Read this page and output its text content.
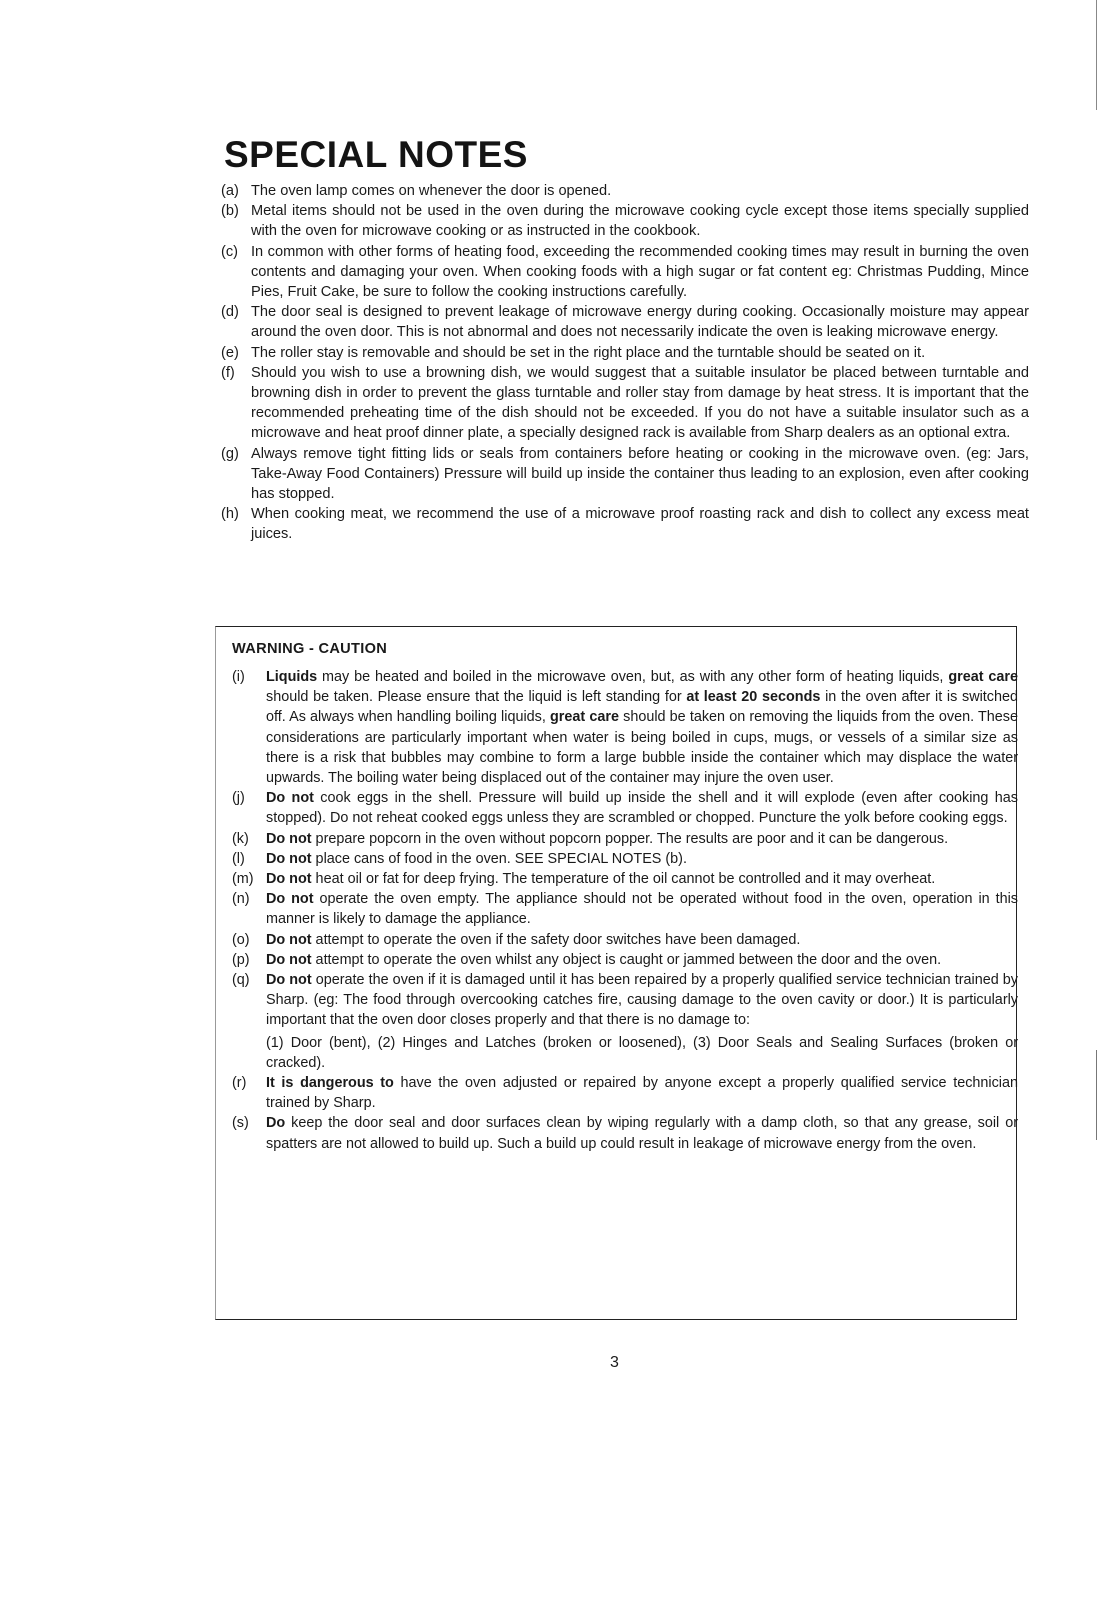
SPECIAL NOTES
(a) The oven lamp comes on whenever the door is opened.
(b) Metal items should not be used in the oven during the microwave cooking cycle except those items specially supplied with the oven for microwave cooking or as instructed in the cookbook.
(c) In common with other forms of heating food, exceeding the recommended cooking times may result in burning the oven contents and damaging your oven. When cooking foods with a high sugar or fat content eg: Christmas Pudding, Mince Pies, Fruit Cake, be sure to follow the cooking instructions carefully.
(d) The door seal is designed to prevent leakage of microwave energy during cooking. Occasionally moisture may appear around the oven door. This is not abnormal and does not necessarily indicate the oven is leaking microwave energy.
(e) The roller stay is removable and should be set in the right place and the turntable should be seated on it.
(f)	Should you wish to use a browning dish, we would suggest that a suitable insulator be placed between turntable and browning dish in order to prevent the glass turntable and roller stay from damage by heat stress. It is important that the recommended preheating time of the dish should not be exceeded. If you do not have a suitable insulator such as a microwave and heat proof dinner plate, a specially designed rack is available from Sharp dealers as an optional extra.
(g) Always remove tight fitting lids or seals from containers before heating or cooking in the microwave oven. (eg: Jars, Take-Away Food Containers) Pressure will build up inside the container thus leading to an explosion, even after cooking has stopped.
(h) When cooking meat, we recommend the use of a microwave proof roasting rack and dish to collect any excess meat juices.
WARNING - CAUTION
(i)	Liquids may be heated and boiled in the microwave oven, but, as with any other form of heating liquids, great care should be taken. Please ensure that the liquid is left standing for at least 20 seconds in the oven after it is switched off. As always when handling boiling liquids, great care should be taken on removing the liquids from the oven. These considerations are particularly important when water is being boiled in cups, mugs, or vessels of a similar size as there is a risk that bubbles may combine to form a large bubble inside the container which may displace the water upwards. The boiling water being displaced out of the container may injure the oven user.
(j)	Do not cook eggs in the shell. Pressure will build up inside the shell and it will explode (even after cooking has stopped). Do not reheat cooked eggs unless they are scrambled or chopped. Puncture the yolk before cooking eggs.
(k)	Do not prepare popcorn in the oven without popcorn popper. The results are poor and it can be dangerous.
(l)	Do not place cans of food in the oven. SEE SPECIAL NOTES (b).
(m) Do not heat oil or fat for deep frying. The temperature of the oil cannot be controlled and it may overheat.
(n)	Do not operate the oven empty. The appliance should not be operated without food in the oven, operation in this manner is likely to damage the appliance.
(o)	Do not attempt to operate the oven if the safety door switches have been damaged.
(p)	Do not attempt to operate the oven whilst any object is caught or jammed between the door and the oven.
(q)	Do not operate the oven if it is damaged until it has been repaired by a properly qualified service technician trained by Sharp. (eg: The food through overcooking catches fire, causing damage to the oven cavity or door.) It is particularly important that the oven door closes properly and that there is no damage to:
(1) Door (bent), (2) Hinges and Latches (broken or loosened), (3) Door Seals and Sealing Surfaces (broken or cracked).
(r)	It is dangerous to have the oven adjusted or repaired by anyone except a properly qualified service technician trained by Sharp.
(s)	Do keep the door seal and door surfaces clean by wiping regularly with a damp cloth, so that any grease, soil or spatters are not allowed to build up. Such a build up could result in leakage of microwave energy from the oven.
3
